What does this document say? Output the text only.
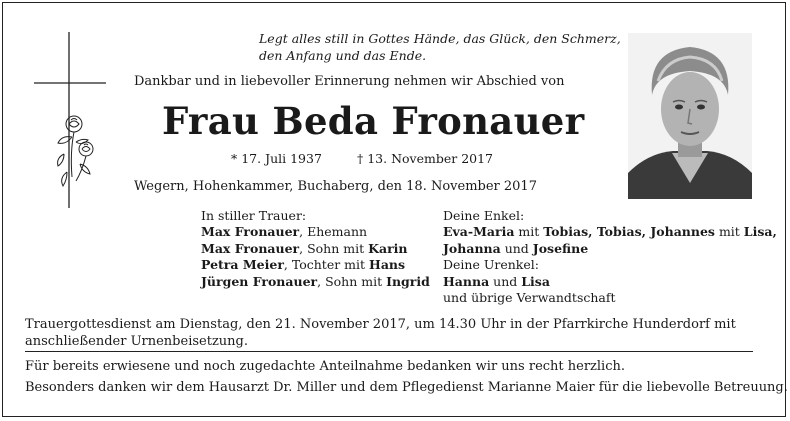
Legt alles still in Gottes Hände, das Glück, den Schmerz,
den Anfang und das Ende.
Dankbar und in liebevoller Erinnerung nehmen wir Abschied von
Frau Beda Fronauer
* 17. Juli 1937	† 13. November 2017
Wegern, Hohenkammer, Buchaberg, den 18. November 2017
In stiller Trauer:
Max Fronauer, Ehemann
Max Fronauer, Sohn mit Karin
Petra Meier, Tochter mit Hans
Jürgen Fronauer, Sohn mit Ingrid
Deine Enkel:
Eva-Maria mit Tobias, Tobias, Johannes mit Lisa,
Johanna und Josefine
Deine Urenkel:
Hanna und Lisa
und übrige Verwandtschaft
Trauergottesdienst am Dienstag, den 21. November 2017, um 14.30 Uhr in der Pfarrkirche Hunderdorf mit anschließender Urnenbeisetzung.
Für bereits erwiesene und noch zugedachte Anteilnahme bedanken wir uns recht herzlich.
Besonders danken wir dem Hausarzt Dr. Miller und dem Pflegedienst Marianne Maier für die liebevolle Betreuung.
